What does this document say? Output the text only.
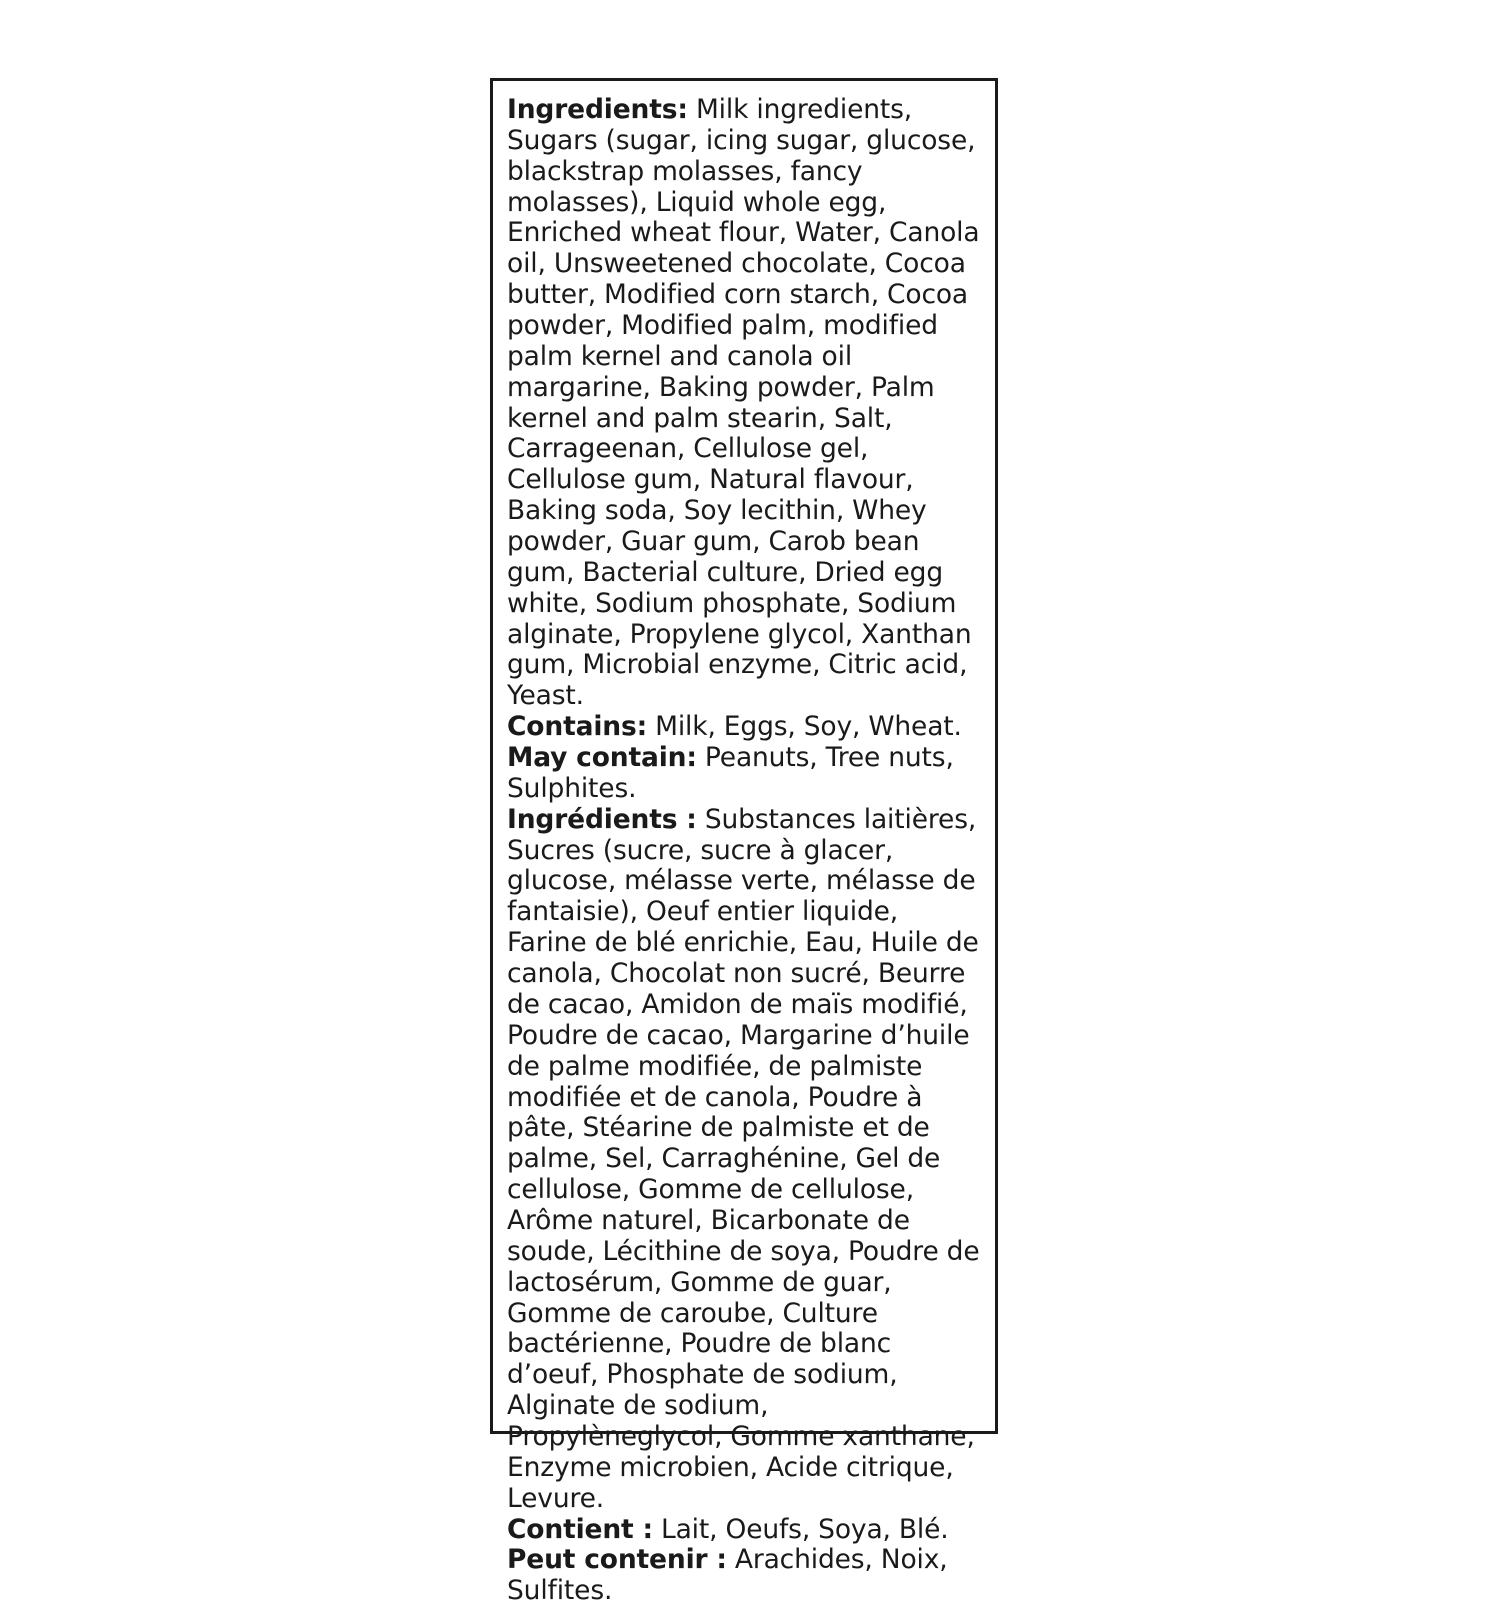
Ingredients: Milk ingredients, Sugars (sugar, icing sugar, glucose, blackstrap molasses, fancy molasses), Liquid whole egg, Enriched wheat flour, Water, Canola oil, Unsweetened chocolate, Cocoa butter, Modified corn starch, Cocoa powder, Modified palm, modified palm kernel and canola oil margarine, Baking powder, Palm kernel and palm stearin, Salt, Carrageenan, Cellulose gel, Cellulose gum, Natural flavour, Baking soda, Soy lecithin, Whey powder, Guar gum, Carob bean gum, Bacterial culture, Dried egg white, Sodium phosphate, Sodium alginate, Propylene glycol, Xanthan gum, Microbial enzyme, Citric acid, Yeast.
Contains: Milk, Eggs, Soy, Wheat.
May contain: Peanuts, Tree nuts, Sulphites.
Ingrédients : Substances laitières, Sucres (sucre, sucre à glacer, glucose, mélasse verte, mélasse de fantaisie), Oeuf entier liquide, Farine de blé enrichie, Eau, Huile de canola, Chocolat non sucré, Beurre de cacao, Amidon de maïs modifié, Poudre de cacao, Margarine d’huile de palme modifiée, de palmiste modifiée et de canola, Poudre à pâte, Stéarine de palmiste et de palme, Sel, Carraghénine, Gel de cellulose, Gomme de cellulose, Arôme naturel, Bicarbonate de soude, Lécithine de soya, Poudre de lactosérum, Gomme de guar, Gomme de caroube, Culture bactérienne, Poudre de blanc d’oeuf, Phosphate de sodium, Alginate de sodium, Propylèneglycol, Gomme xanthane, Enzyme microbien, Acide citrique, Levure.
Contient : Lait, Oeufs, Soya, Blé.
Peut contenir : Arachides, Noix, Sulfites.
